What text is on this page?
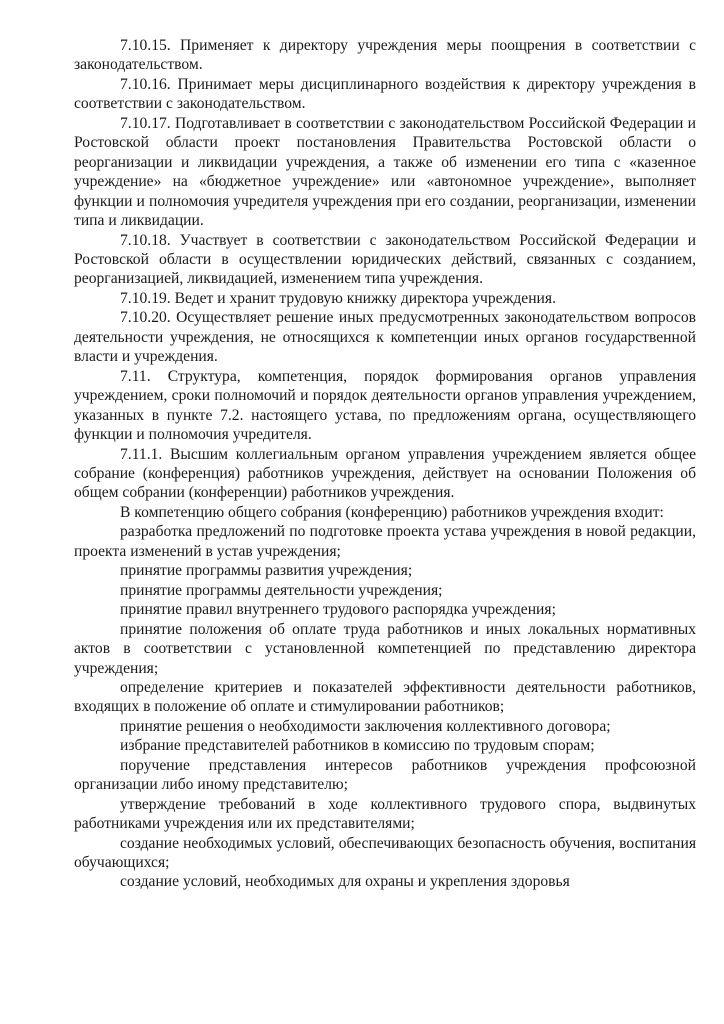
7.10.15. Применяет к директору учреждения меры поощрения в соответствии с законодательством.

7.10.16. Принимает меры дисциплинарного воздействия к директору учреждения в соответствии с законодательством.

7.10.17. Подготавливает в соответствии с законодательством Российской Федерации и Ростовской области проект постановления Правительства Ростовской области о реорганизации и ликвидации учреждения, а также об изменении его типа с «казенное учреждение» на «бюджетное учреждение» или «автономное учреждение», выполняет функции и полномочия учредителя учреждения при его создании, реорганизации, изменении типа и ликвидации.

7.10.18. Участвует в соответствии с законодательством Российской Федерации и Ростовской области в осуществлении юридических действий, связанных с созданием, реорганизацией, ликвидацией, изменением типа учреждения.

7.10.19. Ведет и хранит трудовую книжку директора учреждения.

7.10.20. Осуществляет решение иных предусмотренных законодательством вопросов деятельности учреждения, не относящихся к компетенции иных органов государственной власти и учреждения.

7.11. Структура, компетенция, порядок формирования органов управления учреждением, сроки полномочий и порядок деятельности органов управления учреждением, указанных в пункте 7.2. настоящего устава, по предложениям органа, осуществляющего функции и полномочия учредителя.

7.11.1. Высшим коллегиальным органом управления учреждением является общее собрание (конференция) работников учреждения, действует на основании Положения об общем собрании (конференции) работников учреждения.

В компетенцию общего собрания (конференцию) работников учреждения входит:

разработка предложений по подготовке проекта устава учреждения в новой редакции, проекта изменений в устав учреждения;

принятие программы развития учреждения;

принятие программы деятельности учреждения;

принятие правил внутреннего трудового распорядка учреждения;

принятие положения об оплате труда работников и иных локальных нормативных актов в соответствии с установленной компетенцией по представлению директора учреждения;

определение критериев и показателей эффективности деятельности работников, входящих в положение об оплате и стимулировании работников;

принятие решения о необходимости заключения коллективного договора;

избрание представителей работников в комиссию по трудовым спорам;

поручение представления интересов работников учреждения профсоюзной организации либо иному представителю;

утверждение требований в ходе коллективного трудового спора, выдвинутых работниками учреждения или их представителями;

создание необходимых условий, обеспечивающих безопасность обучения, воспитания обучающихся;

создание условий, необходимых для охраны и укрепления здоровья
